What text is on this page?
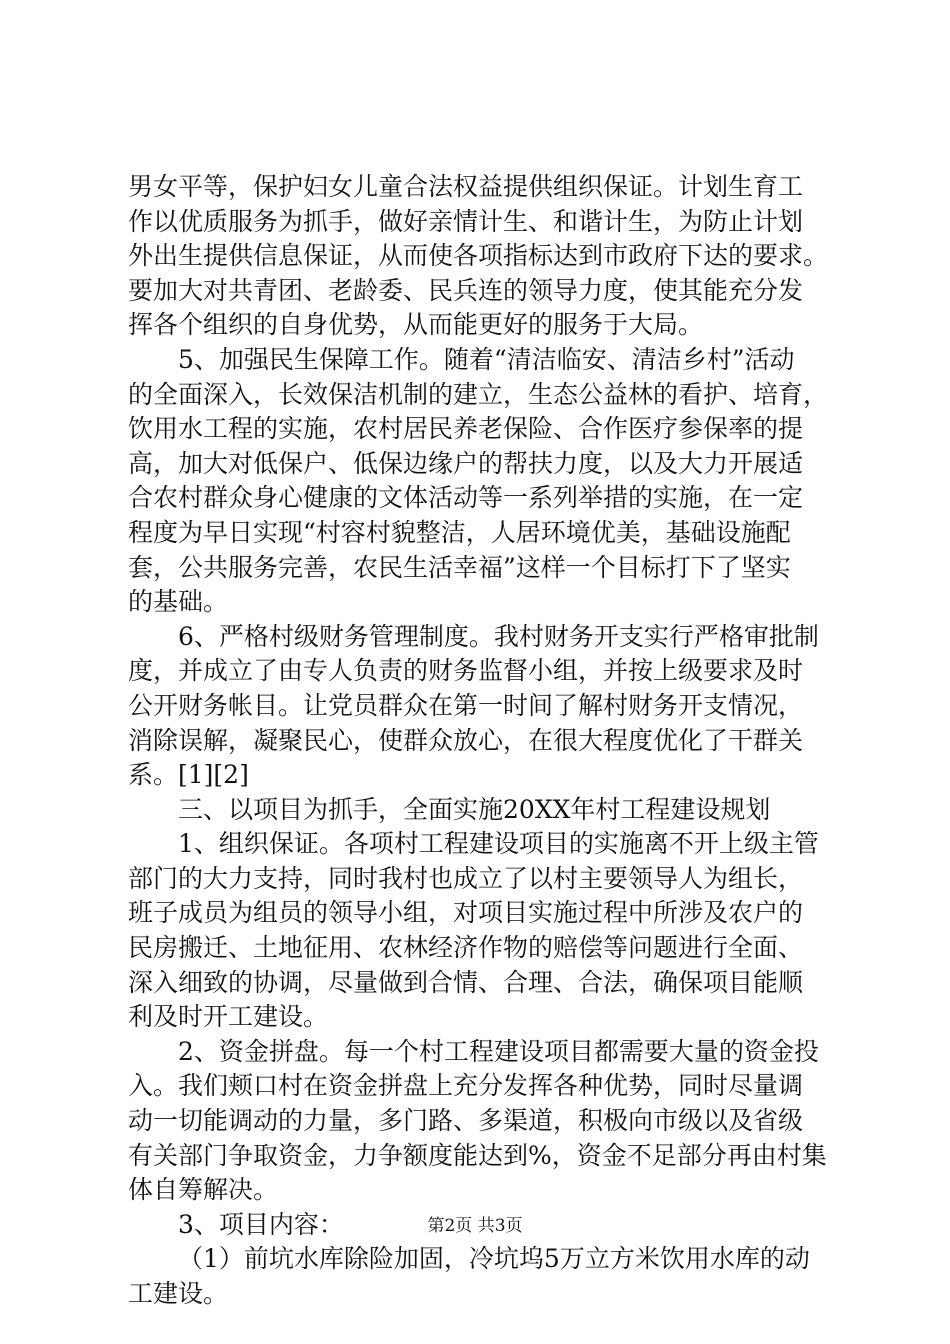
男女平等，保护妇女儿童合法权益提供组织保证。计划生育工
作以优质服务为抓手，做好亲情计生、和谐计生，为防止计划
外出生提供信息保证，从而使各项指标达到市政府下达的要求。
要加大对共青团、老龄委、民兵连的领导力度，使其能充分发
挥各个组织的自身优势，从而能更好的服务于大局。
5、加强民生保障工作。随着“清洁临安、清洁乡村”活动
的全面深入，长效保洁机制的建立，生态公益林的看护、培育，
饮用水工程的实施，农村居民养老保险、合作医疗参保率的提
高，加大对低保户、低保边缘户的帮扶力度，以及大力开展适
合农村群众身心健康的文体活动等一系列举措的实施，在一定
程度为早日实现“村容村貌整洁，人居环境优美，基础设施配
套，公共服务完善，农民生活幸福”这样一个目标打下了坚实
的基础。
6、严格村级财务管理制度。我村财务开支实行严格审批制
度，并成立了由专人负责的财务监督小组，并按上级要求及时
公开财务帐目。让党员群众在第一时间了解村财务开支情况，
消除误解，凝聚民心，使群众放心，在很大程度优化了干群关
系。[1][2]
三、以项目为抓手，全面实施20XX年村工程建设规划
1、组织保证。各项村工程建设项目的实施离不开上级主管
部门的大力支持，同时我村也成立了以村主要领导人为组长，
班子成员为组员的领导小组，对项目实施过程中所涉及农户的
民房搬迁、土地征用、农林经济作物的赔偿等问题进行全面、
深入细致的协调，尽量做到合情、合理、合法，确保项目能顺
利及时开工建设。
2、资金拼盘。每一个村工程建设项目都需要大量的资金投
入。我们颊口村在资金拼盘上充分发挥各种优势，同时尽量调
动一切能调动的力量，多门路、多渠道，积极向市级以及省级
有关部门争取资金，力争额度能达到%，资金不足部分再由村集
体自筹解决。
3、项目内容：
（1）前坑水库除险加固，冷坑坞5万立方米饮用水库的动
工建设。
第2页 共3页
